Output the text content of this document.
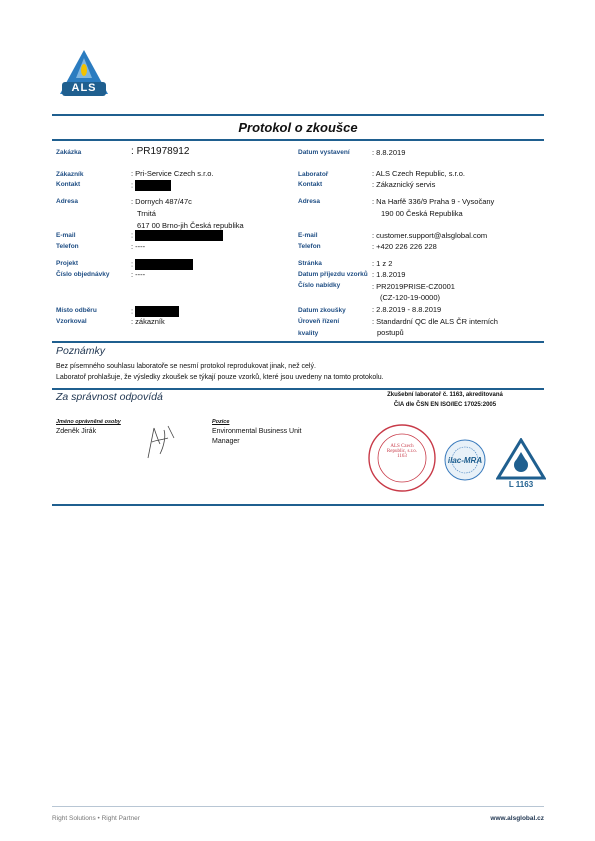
ALS
Protokol o zkoušce
Zakázka	: PR1978912
Zákazník	: Pri-Service Czech s.r.o.
Kontakt	:
Adresa	: Dornych 487/47c
Trnitá
617 00 Brno-jih Česká republika
E-mail	:
Telefon	: ----
Projekt	:
Číslo objednávky	: ----
Místo odběru	:
Vzorkoval	: zákazník
Datum vystavení	: 8.8.2019
Laboratoř	: ALS Czech Republic, s.r.o.
Kontakt	: Zákaznický servis
Adresa	: Na Harfě 336/9 Praha 9 - Vysočany
190 00 Česká Republika
E-mail	: customer.support@alsglobal.com
Telefon	: +420 226 226 228
Stránka	: 1 z 2
Datum příjezdu vzorků : 1.8.2019
Číslo nabídky	: PR2019PRISE-CZ0001
(CZ-120-19-0000)
Datum zkoušky	: 2.8.2019 - 8.8.2019
Úroveň řízení	: Standardní QC dle ALS ČR interních
kvality	postupů
Poznámky
Bez písemného souhlasu laboratoře se nesmí protokol reprodukovat jinak, než celý.
Laboratoř prohlašuje, že výsledky zkoušek se týkají pouze vzorků, které jsou uvedeny na tomto protokolu.
Za správnost odpovídá	Zkušební laboratoř č. 1163, akreditovaná
ČIA dle ČSN EN ISO/IEC 17025:2005
Jméno oprávněné osoby
Zdeněk Jirák
Pozice
Environmental Business Unit
Manager
ALS Czech Republic, s.r.o. 1163	ilac-MRA
L 1163
Right Solutions • Right Partner	www.alsglobal.cz
